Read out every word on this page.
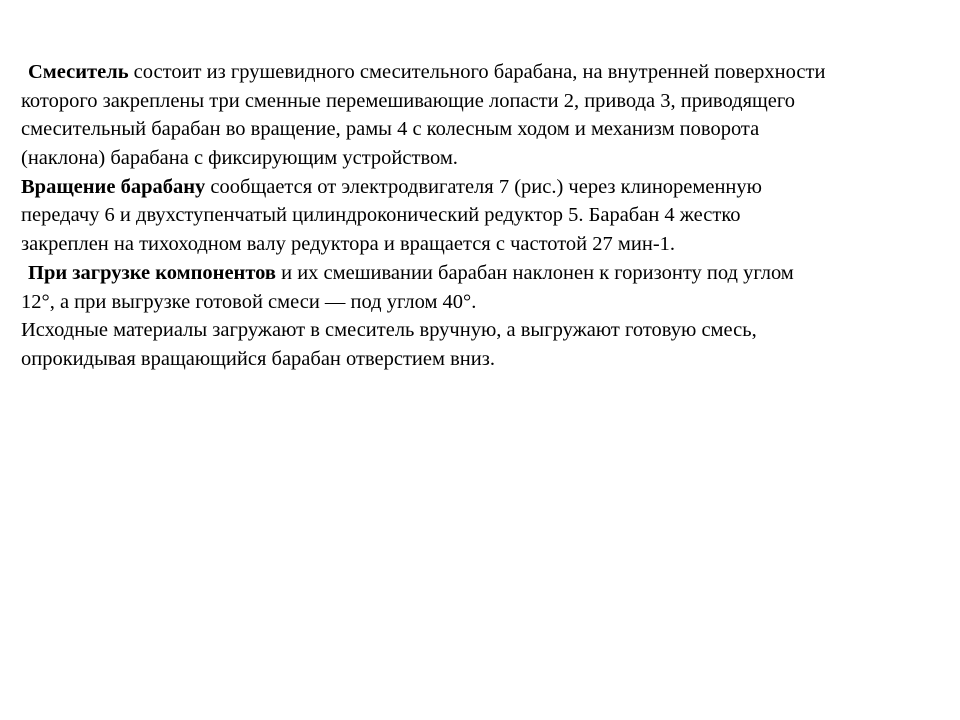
Смеситель состоит из грушевидного смесительного барабана, на внутренней поверхности
которого закреплены три сменные перемешивающие лопасти 2, привода 3, приводящего
смесительный барабан во вращение, рамы 4 с колесным ходом и механизм поворота
(наклона) барабана с фиксирующим устройством.
Вращение барабану сообщается от электродвигателя 7 (рис.) через клиноременную
передачу 6 и двухступенчатый цилиндроконический редуктор 5. Барабан 4 жестко
закреплен на тихоходном валу редуктора и вращается с частотой 27 мин-1.
При загрузке компонентов и их смешивании барабан наклонен к горизонту под углом
12°, а при выгрузке готовой смеси — под углом 40°.
Исходные материалы загружают в смеситель вручную, а выгружают готовую смесь,
опрокидывая вращающийся барабан отверстием вниз.
